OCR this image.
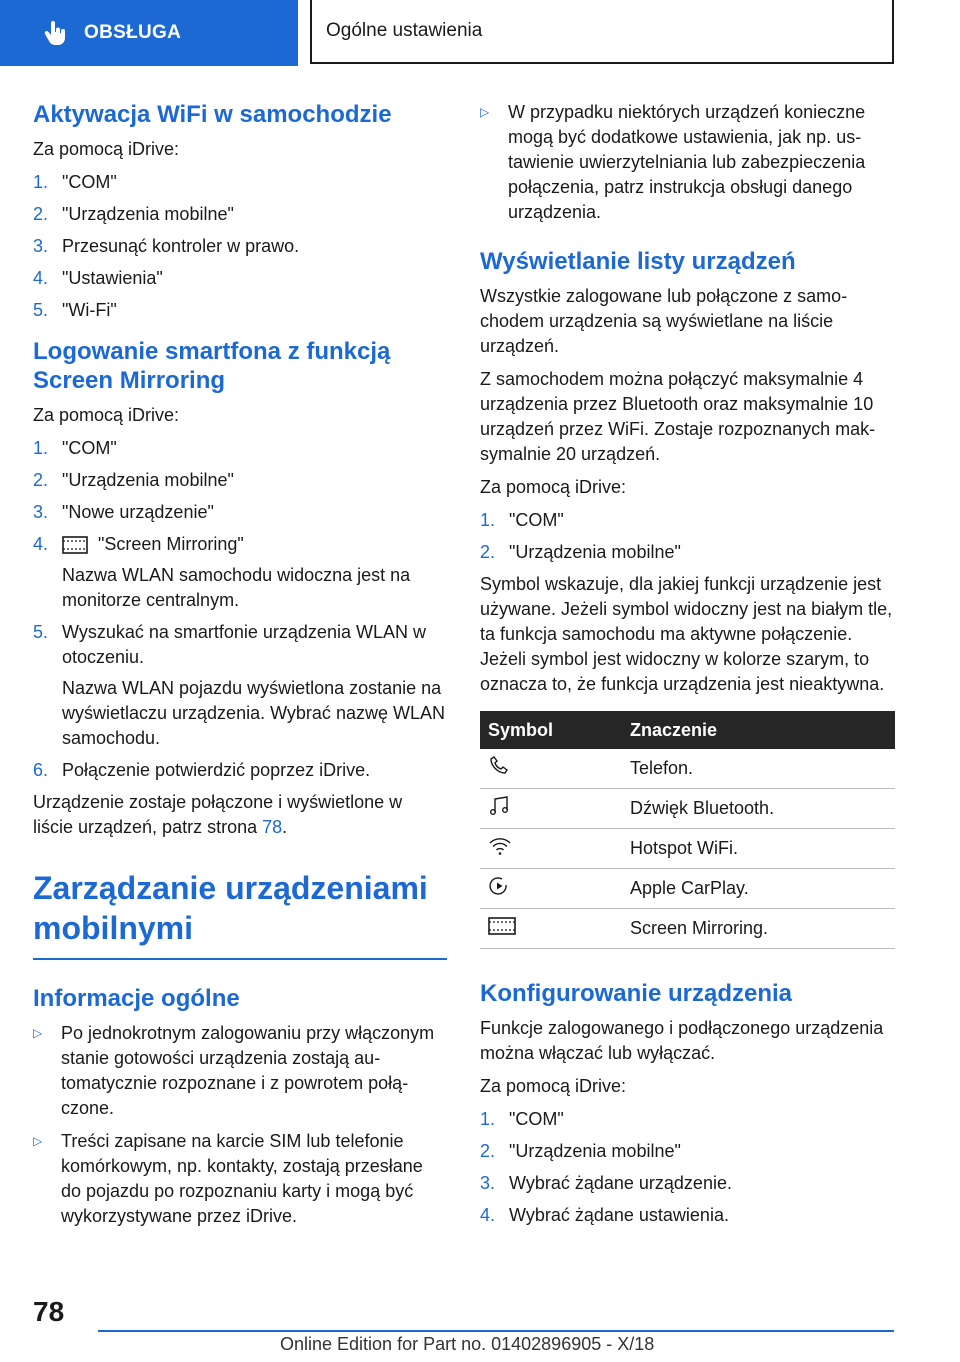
OBSŁUGA	Ogólne ustawienia
Aktywacja WiFi w samochodzie

Za pomocą iDrive:

1. "COM"
2. "Urządzenia mobilne"
3. Przesunąć kontroler w prawo.
4. "Ustawienia"
5. "Wi-Fi"
Logowanie smartfona z funkcją Screen Mirroring

Za pomocą iDrive:

1. "COM"
2. "Urządzenia mobilne"
3. "Nowe urządzenie"
4.	"Screen Mirroring"
Nazwa WLAN samochodu widoczna jest na monitorze centralnym.
5. Wyszukać na smartfonie urządzenia WLAN w otoczeniu.
Nazwa WLAN pojazdu wyświetlona zostanie na wyświetlaczu urządzenia. Wybrać nazwę WLAN samochodu.
6. Połączenie potwierdzić poprzez iDrive.

Urządzenie zostaje połączone i wyświetlone w liście urządzeń, patrz strona 78.

Zarządzanie urządzeniami mobilnymi
Informacje ogólne
▷	Po jednokrotnym zalogowaniu przy włączonym stanie gotowości urządzenia zostają automatycznie rozpoznane i z powrotem połączone.
▷	Treści zapisane na karcie SIM lub telefonie komórkowym, np. kontakty, zostają przesłane do pojazdu po rozpoznaniu karty i mogą być wykorzystywane przez iDrive.
▷	W przypadku niektórych urządzeń konieczne mogą być dodatkowe ustawienia, jak np. ustawienie uwierzytelniania lub zabezpieczenia połączenia, patrz instrukcja obsługi danego urządzenia.
Wyświetlanie listy urządzeń

Wszystkie zalogowane lub połączone z samochodem urządzenia są wyświetlane na liście urządzeń.

Z samochodem można połączyć maksymalnie 4 urządzenia przez Bluetooth oraz maksymalnie 10 urządzeń przez WiFi. Zostaje rozpoznanych maksymalnie 20 urządzeń.

Za pomocą iDrive:

1. "COM"
2. "Urządzenia mobilne"

Symbol wskazuje, dla jakiej funkcji urządzenie jest używane. Jeżeli symbol widoczny jest na białym tle, ta funkcja samochodu ma aktywne połączenie. Jeżeli symbol jest widoczny w kolorze szarym, to oznacza to, że funkcja urządzenia jest nieaktywna.

Symbol	Znaczenie
	Telefon.
	Dźwięk Bluetooth.
	Hotspot WiFi.
	Apple CarPlay.
	Screen Mirroring.
Konfigurowanie urządzenia

Funkcje zalogowanego i podłączonego urządzenia można włączać lub wyłączać.

Za pomocą iDrive:

1. "COM"
2. "Urządzenia mobilne"
3. Wybrać żądane urządzenie.
4. Wybrać żądane ustawienia.
78
Online Edition for Part no. 01402896905 - X/18
